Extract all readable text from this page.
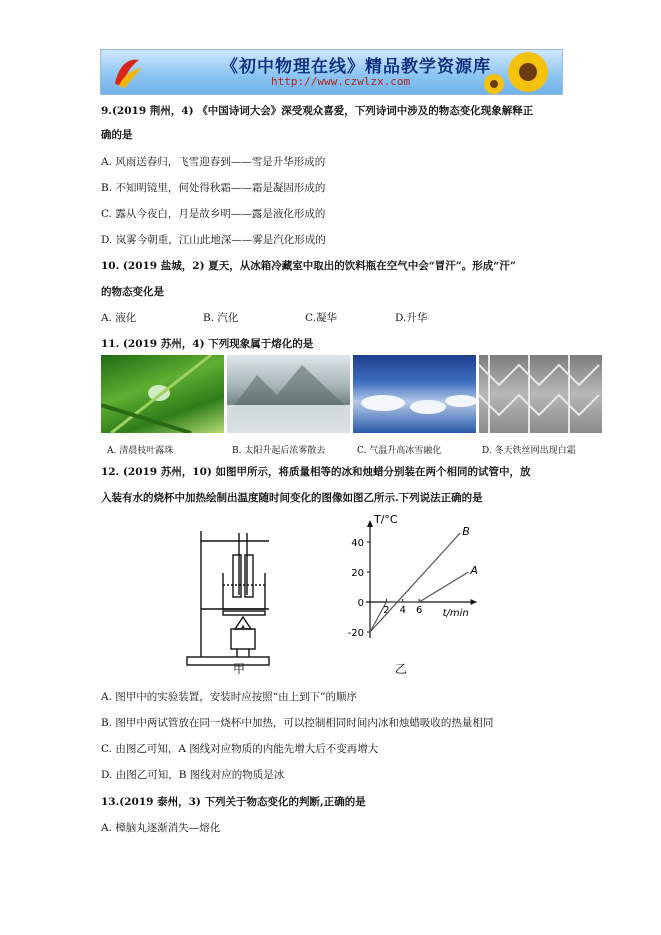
《初中物理在线》精品教学资源库
http://www.czwlzx.com
9.(2019 荆州，4) 《中国诗词大会》深受观众喜爱，下列诗词中涉及的物态变化现象解释正
确的是
A. 风雨送春归，飞雪迎春到——雪是升华形成的
B. 不知明镜里，何处得秋霜——霜是凝固形成的
C. 露从今夜白，月是故乡明——露是液化形成的
D. 岚雾今朝重，江山此地深——雾是汽化形成的
10. (2019 盐城，2) 夏天，从冰箱冷藏室中取出的饮料瓶在空气中会“冒汗”。形成“汗”
的物态变化是
A. 液化	B. 汽化	C.凝华	D.升华
11. (2019 苏州，4) 下列现象属于熔化的是
A. 清晨枝叶露珠	B. 太阳升起后浓雾散去	C. 气温升高冰雪融化	D. 冬天铁丝网出现白霜
12. (2019 苏州，10) 如图甲所示，将质量相等的冰和烛蜡分别装在两个相同的试管中，放
入装有水的烧杯中加热绘制出温度随时间变化的图像如图乙所示.下列说法正确的是
甲
T/°C
t/min
-20
0
20
40
2 4 6
A
B
乙
A. 图甲中的实验装置，安装时应按照“由上到下”的顺序
B. 图甲中两试管放在同一烧杯中加热，可以控制相同时间内冰和烛蜡吸收的热量相同
C. 由图乙可知，A 图线对应物质的内能先增大后不变再增大
D. 由图乙可知，B 图线对应的物质是冰
13.(2019 泰州，3) 下列关于物态变化的判断,正确的是
A. 樟脑丸逐渐消失—熔化
